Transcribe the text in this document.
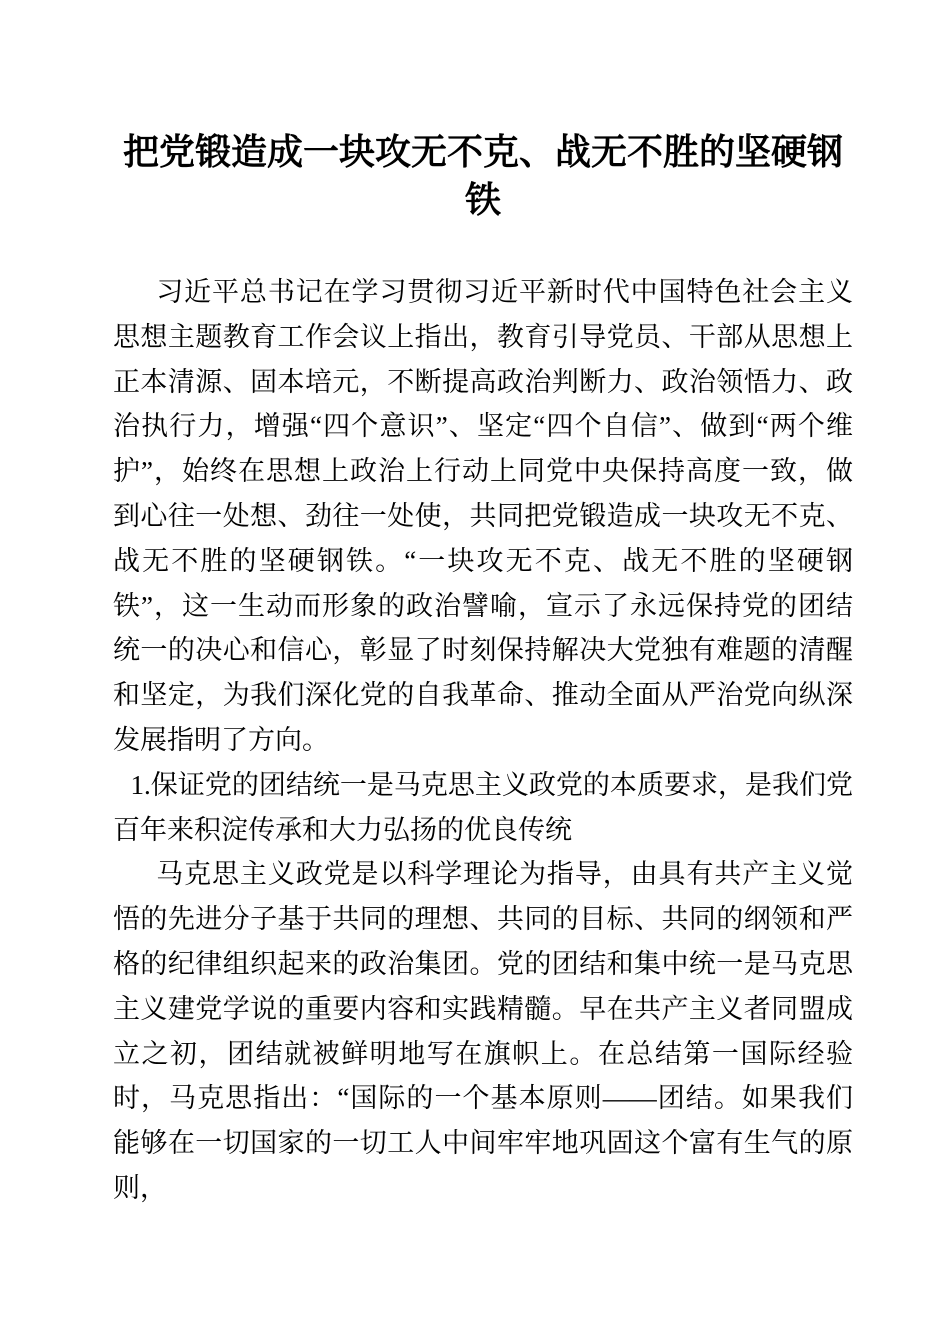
把党锻造成一块攻无不克、战无不胜的坚硬钢铁

习近平总书记在学习贯彻习近平新时代中国特色社会主义思想主题教育工作会议上指出，教育引导党员、干部从思想上正本清源、固本培元，不断提高政治判断力、政治领悟力、政治执行力，增强“四个意识”、坚定“四个自信”、做到“两个维护”，始终在思想上政治上行动上同党中央保持高度一致，做到心往一处想、劲往一处使，共同把党锻造成一块攻无不克、战无不胜的坚硬钢铁。“一块攻无不克、战无不胜的坚硬钢铁”，这一生动而形象的政治譬喻，宣示了永远保持党的团结统一的决心和信心，彰显了时刻保持解决大党独有难题的清醒和坚定，为我们深化党的自我革命、推动全面从严治党向纵深发展指明了方向。

1.保证党的团结统一是马克思主义政党的本质要求，是我们党百年来积淀传承和大力弘扬的优良传统

马克思主义政党是以科学理论为指导，由具有共产主义觉悟的先进分子基于共同的理想、共同的目标、共同的纲领和严格的纪律组织起来的政治集团。党的团结和集中统一是马克思主义建党学说的重要内容和实践精髓。早在共产主义者同盟成立之初，团结就被鲜明地写在旗帜上。在总结第一国际经验时，马克思指出：“国际的一个基本原则——团结。如果我们能够在一切国家的一切工人中间牢牢地巩固这个富有生气的原则，
